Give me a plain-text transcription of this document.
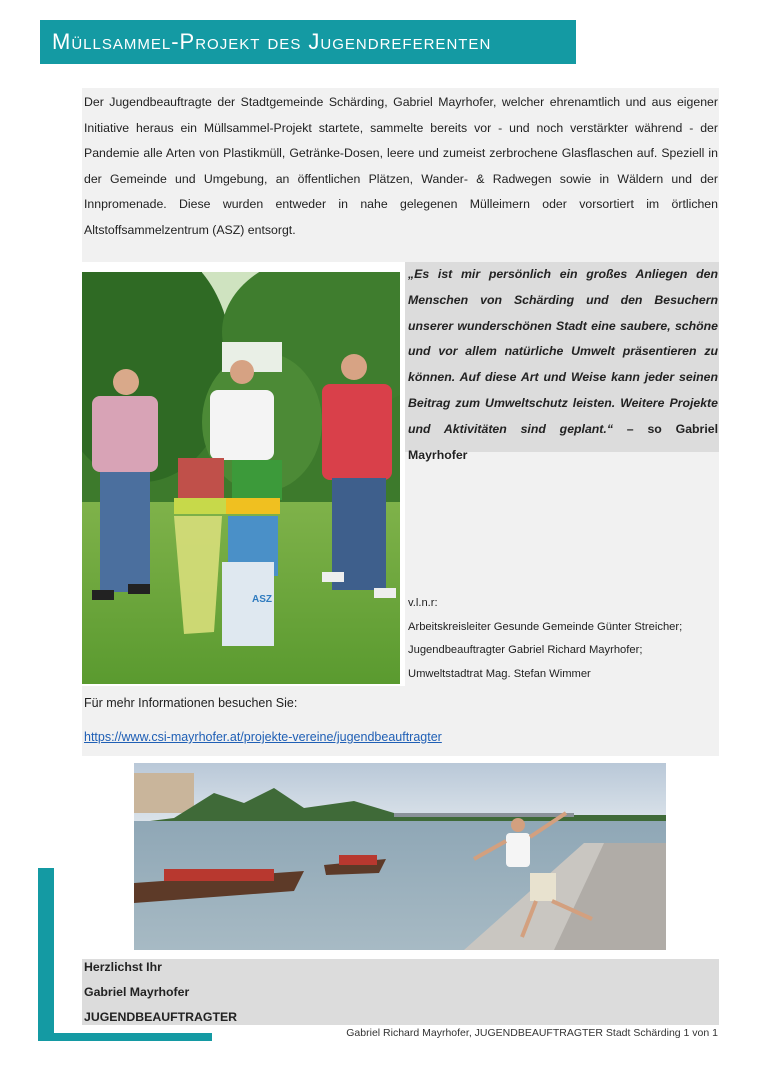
Müllsammel-Projekt des Jugendreferenten
Der Jugendbeauftragte der Stadtgemeinde Schärding, Gabriel Mayrhofer, welcher ehrenamtlich und aus eigener Initiative heraus ein Müllsammel-Projekt startete, sammelte bereits vor - und noch verstärkter während - der Pandemie alle Arten von Plastikmüll, Getränke-Dosen, leere und zumeist zerbrochene Glasflaschen auf. Speziell in der Gemeinde und Umgebung, an öffentlichen Plätzen, Wander- & Radwegen sowie in Wäldern und der Innpromenade. Diese wurden entweder in nahe gelegenen Mülleimern oder vorsortiert im örtlichen Altstoffsammelzentrum (ASZ) entsorgt.
„Es ist mir persönlich ein großes Anliegen den Menschen von Schärding und den Besuchern unserer wunderschönen Stadt eine saubere, schöne und vor allem natürliche Umwelt präsentieren zu können. Auf diese Art und Weise kann jeder seinen Beitrag zum Umweltschutz leisten. Weitere Projekte und Aktivitäten sind geplant.“ – so Gabriel Mayrhofer
ASZ	v.l.n.r:
Arbeitskreisleiter Gesunde Gemeinde Günter Streicher;
Jugendbeauftragter Gabriel Richard Mayrhofer;
Umweltstadtrat Mag. Stefan Wimmer
Für mehr Informationen besuchen Sie:
https://www.csi-mayrhofer.at/projekte-vereine/jugendbeauftragter
Herzlichst Ihr
Gabriel Mayrhofer
JUGENDBEAUFTRAGTER
Gabriel Richard Mayrhofer, JUGENDBEAUFTRAGTER Stadt Schärding 1 von 1
